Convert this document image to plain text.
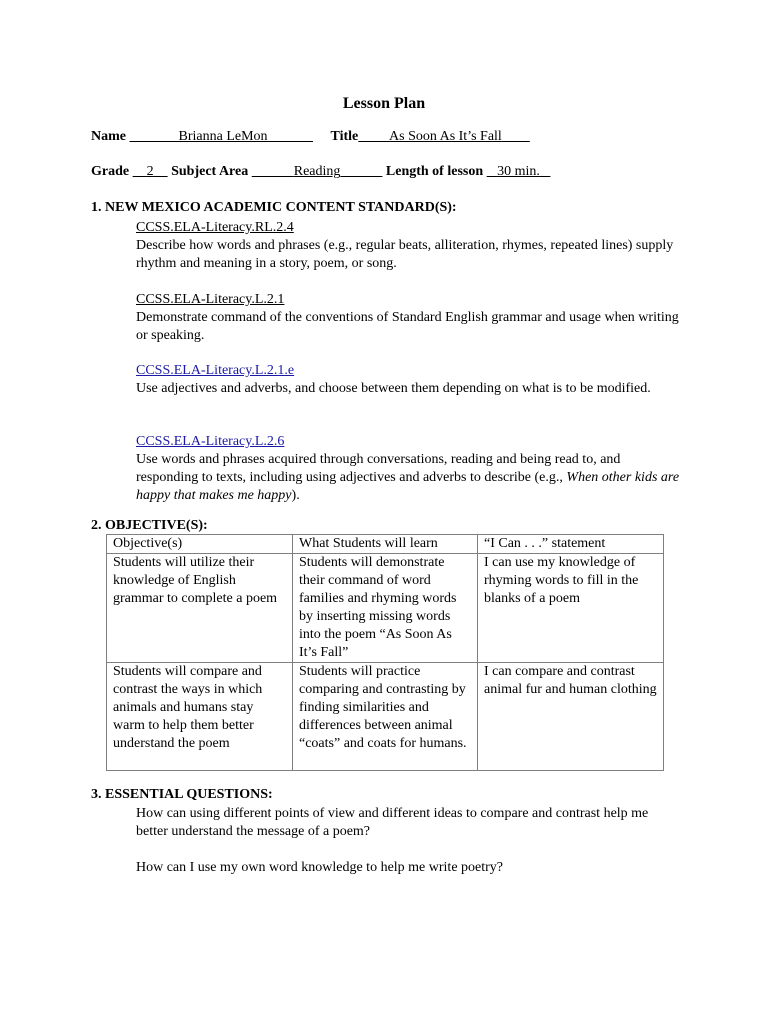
Lesson Plan
Name	Brianna LeMon	Title As Soon As It’s Fall
Grade 2 Subject Area	Reading	Length of lesson 30 min.
1. NEW MEXICO ACADEMIC CONTENT STANDARD(S):
CCSS.ELA-Literacy.RL.2.4
Describe how words and phrases (e.g., regular beats, alliteration, rhymes, repeated lines) supply rhythm and meaning in a story, poem, or song.
CCSS.ELA-Literacy.L.2.1
Demonstrate command of the conventions of Standard English grammar and usage when writing or speaking.
CCSS.ELA-Literacy.L.2.1.e
Use adjectives and adverbs, and choose between them depending on what is to be modified.
CCSS.ELA-Literacy.L.2.6
Use words and phrases acquired through conversations, reading and being read to, and responding to texts, including using adjectives and adverbs to describe (e.g., When other kids are happy that makes me happy).
2. OBJECTIVE(S):
Objective(s)	What Students will learn	“I Can . . .” statement
Students will utilize their knowledge of English grammar to complete a poem	Students will demonstrate their command of word families and rhyming words by inserting missing words into the poem “As Soon As It’s Fall”	I can use my knowledge of rhyming words to fill in the blanks of a poem
Students will compare and contrast the ways in which animals and humans stay warm to help them better understand the poem	Students will practice comparing and contrasting by finding similarities and differences between animal “coats” and coats for humans.	I can compare and contrast animal fur and human clothing
3. ESSENTIAL QUESTIONS:
How can using different points of view and different ideas to compare and contrast help me better understand the message of a poem?
How can I use my own word knowledge to help me write poetry?
